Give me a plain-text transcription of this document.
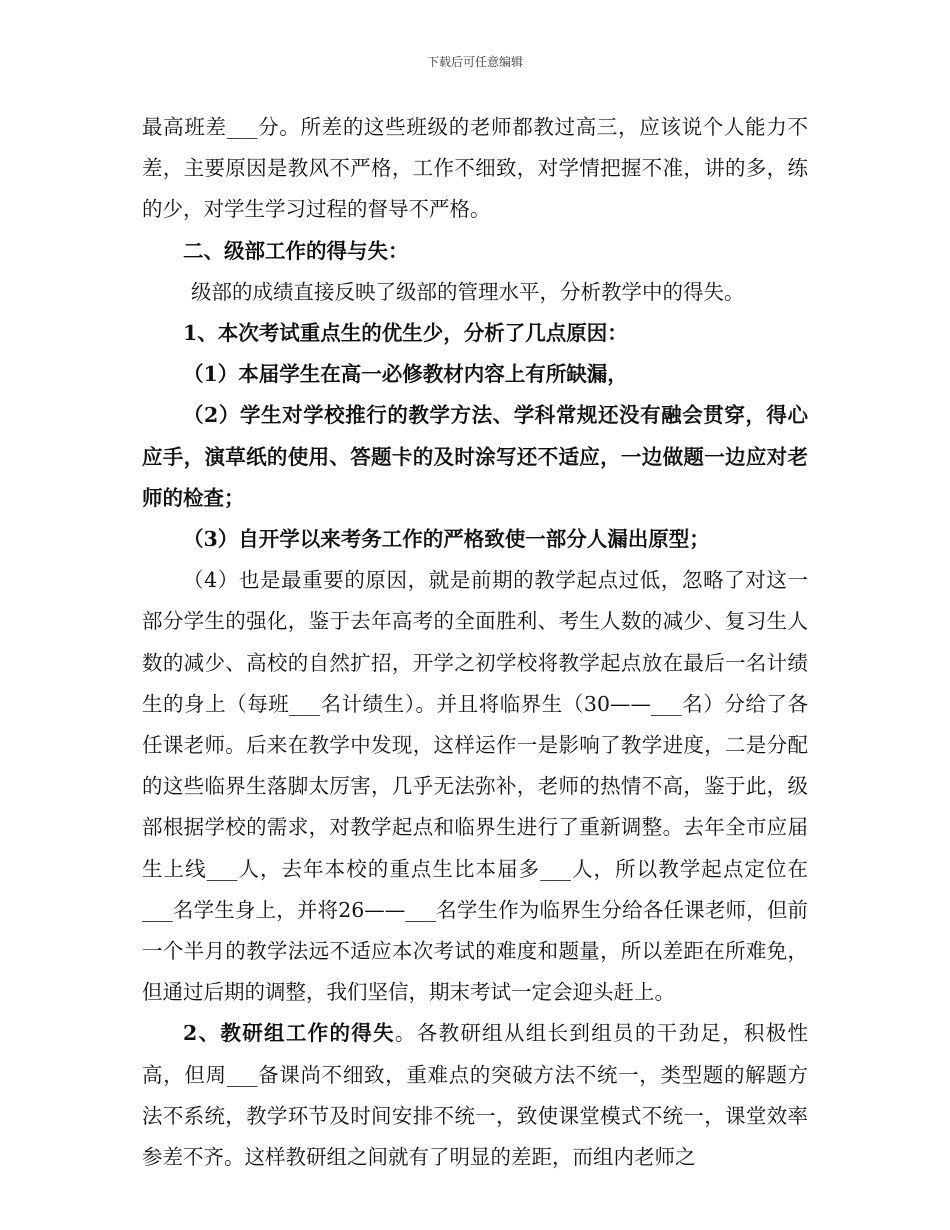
下载后可任意编辑

最高班差___分。所差的这些班级的老师都教过高三，应该说个人能力不差，主要原因是教风不严格，工作不细致，对学情把握不准，讲的多，练的少，对学生学习过程的督导不严格。

二、级部工作的得与失：

级部的成绩直接反映了级部的管理水平，分析教学中的得失。

1、本次考试重点生的优生少，分析了几点原因：

（1）本届学生在高一必修教材内容上有所缺漏，

（2）学生对学校推行的教学方法、学科常规还没有融会贯穿，得心应手，演草纸的使用、答题卡的及时涂写还不适应，一边做题一边应对老师的检查；

（3）自开学以来考务工作的严格致使一部分人漏出原型；

（4）也是最重要的原因，就是前期的教学起点过低，忽略了对这一部分学生的强化，鉴于去年高考的全面胜利、考生人数的减少、复习生人数的减少、高校的自然扩招，开学之初学校将教学起点放在最后一名计绩生的身上（每班___名计绩生）。并且将临界生（30——___名）分给了各任课老师。后来在教学中发现，这样运作一是影响了教学进度，二是分配的这些临界生落脚太厉害，几乎无法弥补，老师的热情不高，鉴于此，级部根据学校的需求，对教学起点和临界生进行了重新调整。去年全市应届生上线___人，去年本校的重点生比本届多___人，所以教学起点定位在___名学生身上，并将26——___名学生作为临界生分给各任课老师，但前一个半月的教学法远不适应本次考试的难度和题量，所以差距在所难免，但通过后期的调整，我们坚信，期末考试一定会迎头赶上。

2、教研组工作的得失。各教研组从组长到组员的干劲足，积极性高，但周___备课尚不细致，重难点的突破方法不统一，类型题的解题方法不系统，教学环节及时间安排不统一，致使课堂模式不统一，课堂效率参差不齐。这样教研组之间就有了明显的差距，而组内老师之
